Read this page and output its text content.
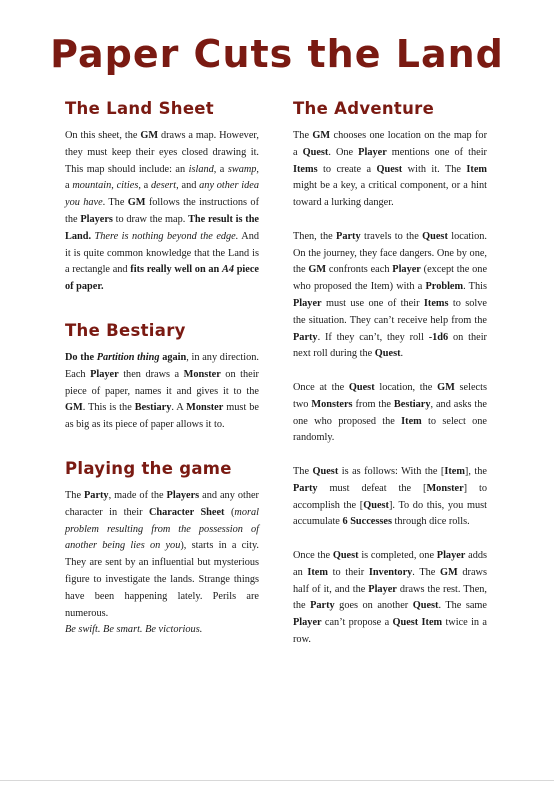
Paper Cuts the Land
The Land Sheet

On this sheet, the GM draws a map. However, they must keep their eyes closed drawing it. This map should include: an island, a swamp, a mountain, cities, a desert, and any other idea you have. The GM follows the instructions of the Players to draw the map. The result is the Land. There is nothing beyond the edge. And it is quite common knowledge that the Land is a rectangle and fits really well on an A4 piece of paper.

The Bestiary

Do the Partition thing again, in any direction. Each Player then draws a Monster on their piece of paper, names it and gives it to the GM. This is the Bestiary. A Monster must be as big as its piece of paper allows it to.

Playing the game

The Party, made of the Players and any other character in their Character Sheet (moral problem resulting from the possession of another being lies on you), starts in a city. They are sent by an influential but mysterious figure to investigate the lands. Strange things have been happening lately. Perils are numerous.

Be swift. Be smart. Be victorious.

The Adventure

The GM chooses one location on the map for a Quest. One Player mentions one of their Items to create a Quest with it. The Item might be a key, a critical component, or a hint toward a lurking danger.

Then, the Party travels to the Quest location. On the journey, they face dangers. One by one, the GM confronts each Player (except the one who proposed the Item) with a Problem. This Player must use one of their Items to solve the situation. They can’t receive help from the Party. If they can’t, they roll -1d6 on their next roll during the Quest.

Once at the Quest location, the GM selects two Monsters from the Bestiary, and asks the one who proposed the Item to select one randomly.

The Quest is as follows: With the [Item], the Party must defeat the [Monster] to accomplish the [Quest]. To do this, you must accumulate 6 Successes through dice rolls.

Once the Quest is completed, one Player adds an Item to their Inventory. The GM draws half of it, and the Player draws the rest. Then, the Party goes on another Quest. The same Player can’t propose a Quest Item twice in a row.
